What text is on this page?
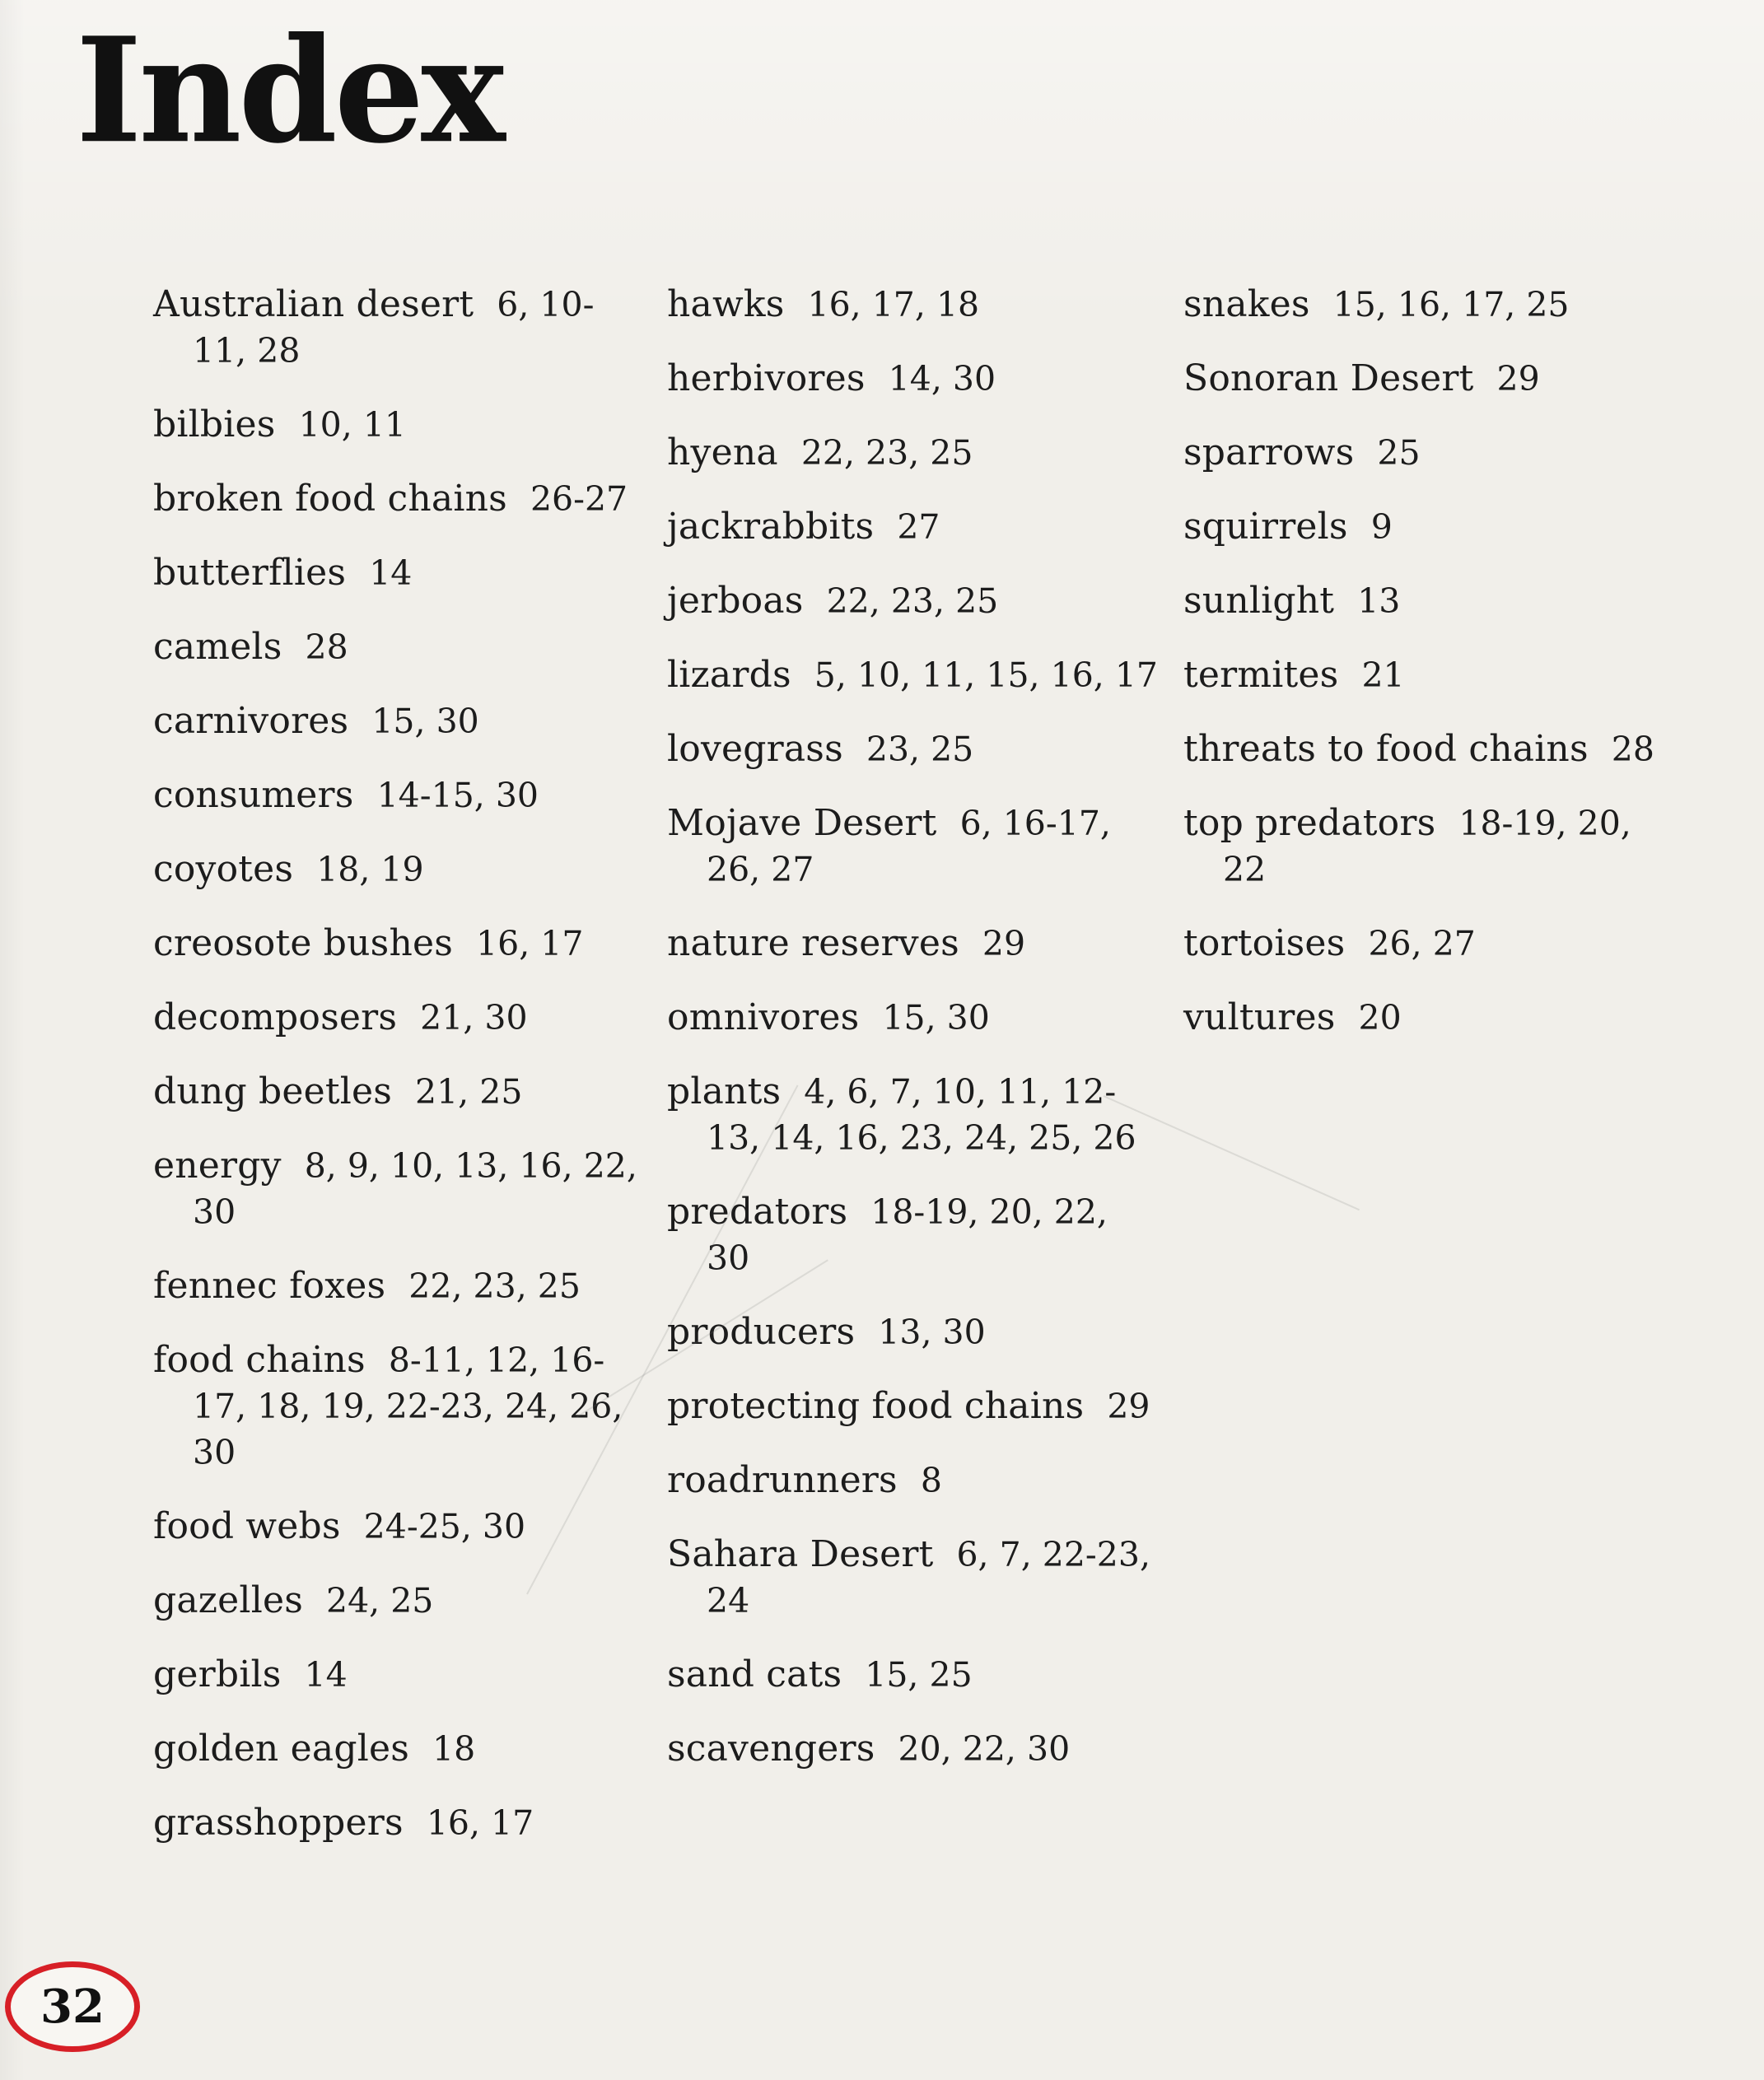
Index
Australian desert 6, 10-11, 28
bilbies 10, 11
broken food chains 26-27
butterflies 14
camels 28
carnivores 15, 30
consumers 14-15, 30
coyotes 18, 19
creosote bushes 16, 17
decomposers 21, 30
dung beetles 21, 25
energy 8, 9, 10, 13, 16, 22, 30
fennec foxes 22, 23, 25
food chains 8-11, 12, 16-17, 18, 19, 22-23, 24, 26, 30
food webs 24-25, 30
gazelles 24, 25
gerbils 14
golden eagles 18
grasshoppers 16, 17
hawks 16, 17, 18
herbivores 14, 30
hyena 22, 23, 25
jackrabbits 27
jerboas 22, 23, 25
lizards 5, 10, 11, 15, 16, 17
lovegrass 23, 25
Mojave Desert 6, 16-17, 26, 27
nature reserves 29
omnivores 15, 30
plants 4, 6, 7, 10, 11, 12-13, 14, 16, 23, 24, 25, 26
predators 18-19, 20, 22, 30
producers 13, 30
protecting food chains 29
roadrunners 8
Sahara Desert 6, 7, 22-23, 24
sand cats 15, 25
scavengers 20, 22, 30
snakes 15, 16, 17, 25
Sonoran Desert 29
sparrows 25
squirrels 9
sunlight 13
termites 21
threats to food chains 28
top predators 18-19, 20, 22
tortoises 26, 27
vultures 20
32
